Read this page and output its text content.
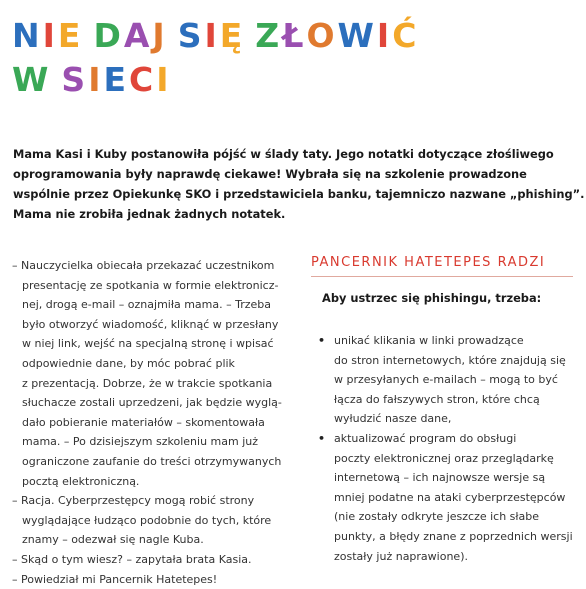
NIE DAJ SIĘ ZŁOWIĆ
W SIECI
Mama Kasi i Kuby postanowiła pójść w ślady taty. Jego notatki dotyczące złośliwego
oprogramowania były naprawdę ciekawe! Wybrała się na szkolenie prowadzone
wspólnie przez Opiekunkę SKO i przedstawiciela banku, tajemniczo nazwane „phishing”.
Mama nie zrobiła jednak żadnych notatek.
– Nauczycielka obiecała przekazać uczestnikom
presentację ze spotkania w formie elektronicz-
nej, drogą e-mail – oznajmiła mama. – Trzeba
było otworzyć wiadomość, kliknąć w przesłany
w niej link, wejść na specjalną stronę i wpisać
odpowiednie dane, by móc pobrać plik
z prezentacją. Dobrze, że w trakcie spotkania
słuchacze zostali uprzedzeni, jak będzie wyglą-
dało pobieranie materiałów – skomentowała
mama. – Po dzisiejszym szkoleniu mam już
ograniczone zaufanie do treści otrzymywanych
pocztą elektroniczną.
– Racja. Cyberprzestępcy mogą robić strony
wyglądające łudząco podobnie do tych, które
znamy – odezwał się nagle Kuba.
– Skąd o tym wiesz? – zapytała brata Kasia.
– Powiedział mi Pancernik Hatetepes!
PANCERNIK HATETEPES RADZI

Aby ustrzec się phishingu, trzeba:

• unikać klikania w linki prowadzące
do stron internetowych, które znajdują się
w przesyłanych e-mailach – mogą to być
łącza do fałszywych stron, które chcą
wyłudzić nasze dane,
• aktualizować program do obsługi
poczty elektronicznej oraz przeglądarkę
internetową – ich najnowsze wersje są
mniej podatne na ataki cyberprzestępców
(nie zostały odkryte jeszcze ich słabe
punkty, a błędy znane z poprzednich wersji
zostały już naprawione).
